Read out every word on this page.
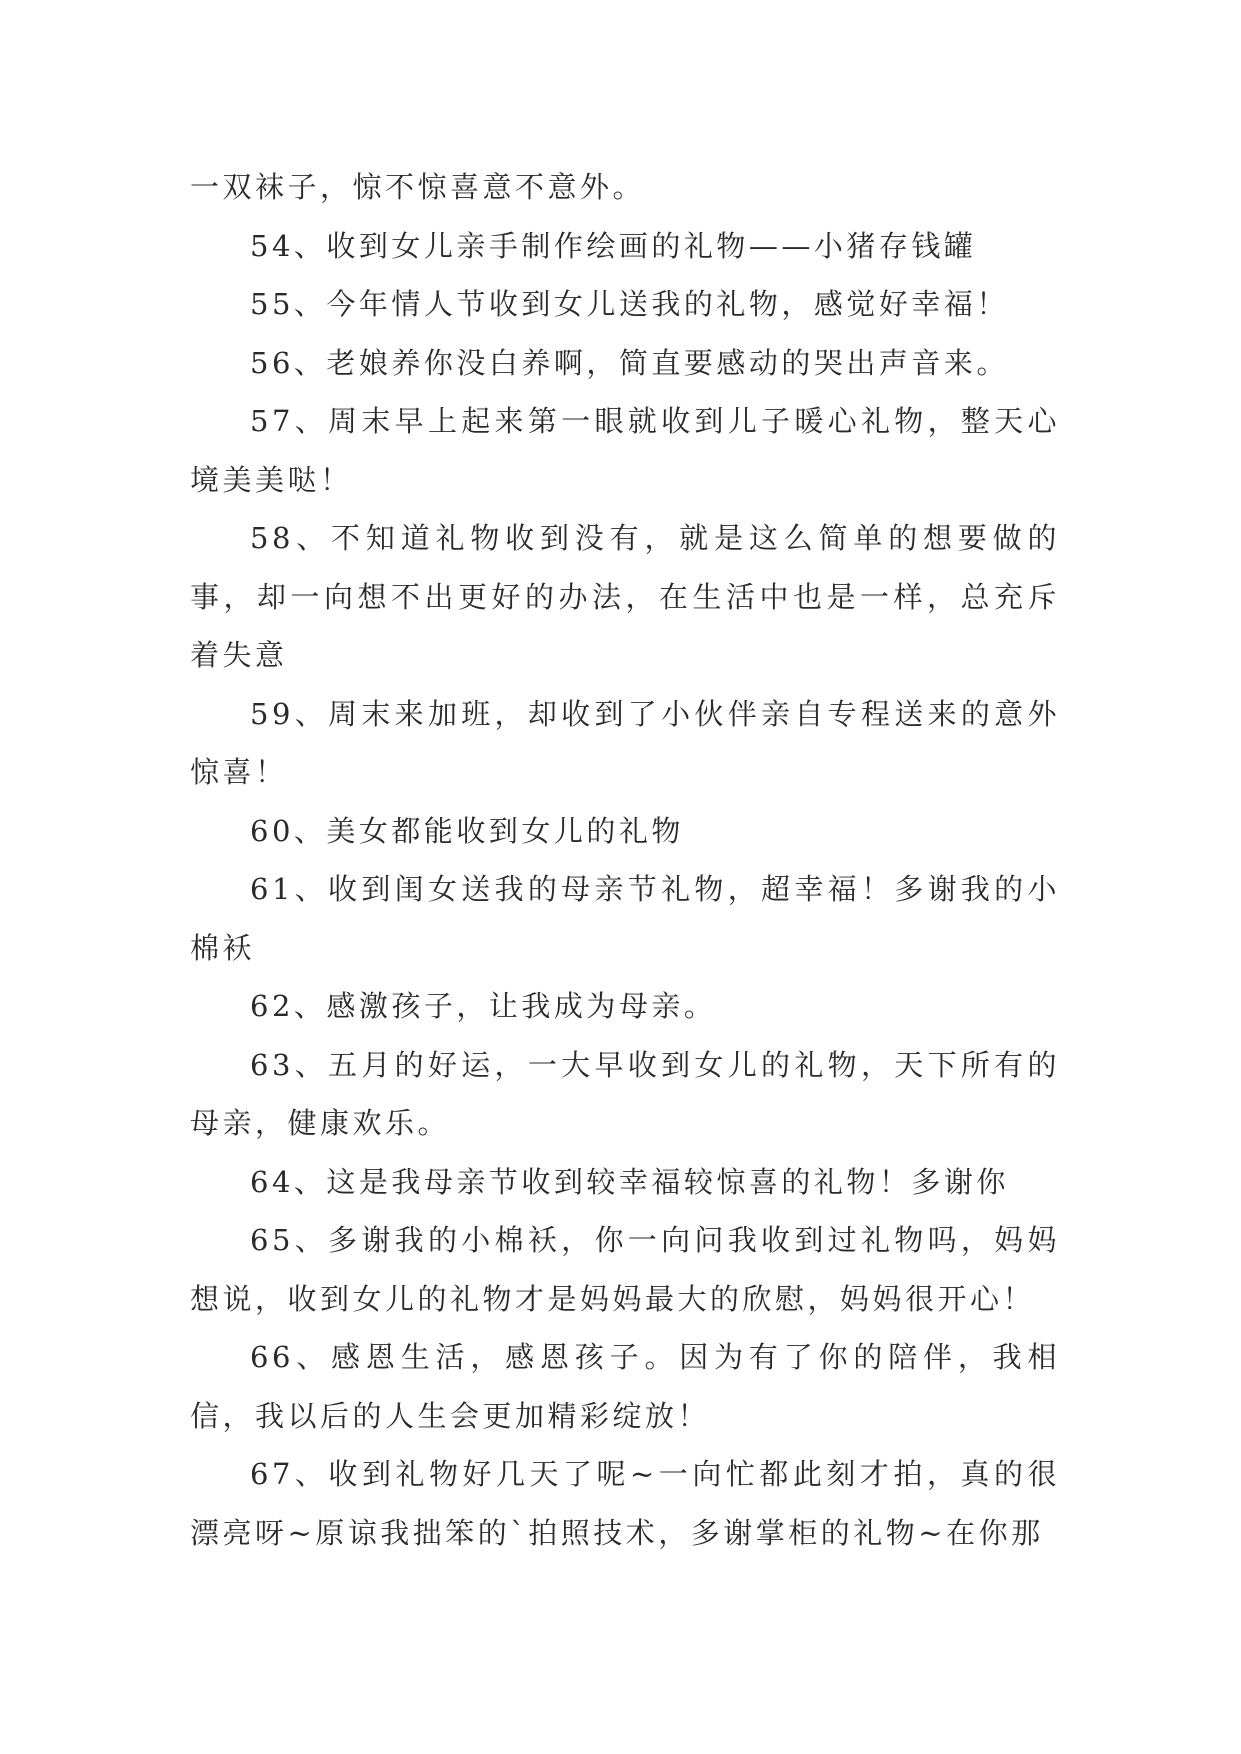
一双袜子，惊不惊喜意不意外。

54、收到女儿亲手制作绘画的礼物——小猪存钱罐

55、今年情人节收到女儿送我的礼物，感觉好幸福！

56、老娘养你没白养啊，简直要感动的哭出声音来。

57、周末早上起来第一眼就收到儿子暖心礼物，整天心境美美哒！

58、不知道礼物收到没有，就是这么简单的想要做的事，却一向想不出更好的办法，在生活中也是一样，总充斥着失意

59、周末来加班，却收到了小伙伴亲自专程送来的意外惊喜！

60、美女都能收到女儿的礼物

61、收到闺女送我的母亲节礼物，超幸福！多谢我的小棉袄

62、感激孩子，让我成为母亲。

63、五月的好运，一大早收到女儿的礼物，天下所有的母亲，健康欢乐。

64、这是我母亲节收到较幸福较惊喜的礼物！多谢你

65、多谢我的小棉袄，你一向问我收到过礼物吗，妈妈想说，收到女儿的礼物才是妈妈最大的欣慰，妈妈很开心！

66、感恩生活，感恩孩子。因为有了你的陪伴，我相信，我以后的人生会更加精彩绽放！

67、收到礼物好几天了呢~一向忙都此刻才拍，真的很漂亮呀~原谅我拙笨的`拍照技术，多谢掌柜的礼物~在你那
